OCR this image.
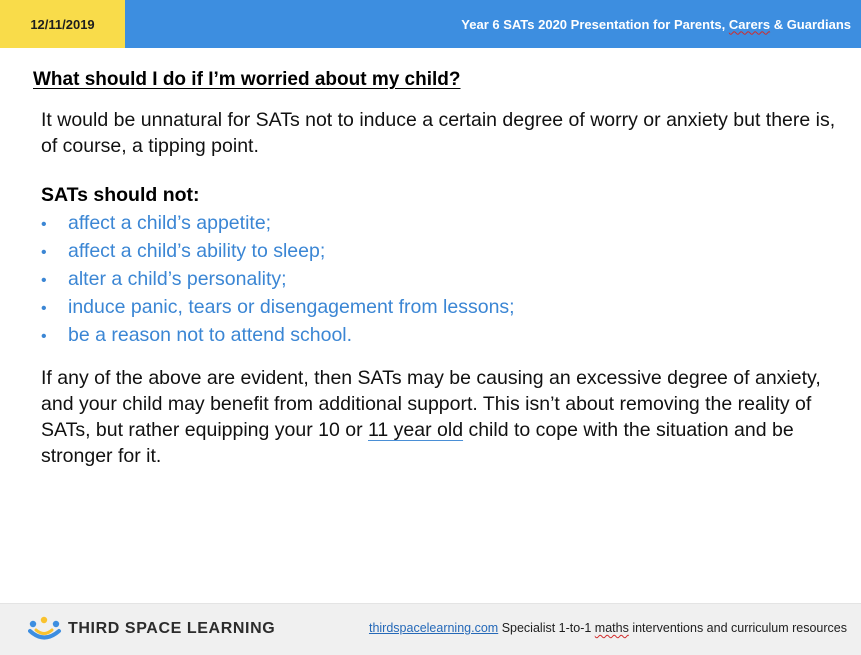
12/11/2019	Year 6 SATs 2020 Presentation for Parents, Carers & Guardians
What should I do if I’m worried about my child?
It would be unnatural for SATs not to induce a certain degree of worry or anxiety but there is, of course, a tipping point.
SATs should not:
•	affect a child’s appetite;
•	affect a child’s ability to sleep;
•	alter a child’s personality;
•	induce panic, tears or disengagement from lessons;
•	be a reason not to attend school.
If any of the above are evident, then SATs may be causing an excessive degree of anxiety, and your child may benefit from additional support. This isn’t about removing the reality of SATs, but rather equipping your 10 or 11 year old child to cope with the situation and be stronger for it.
THIRD SPACE LEARNING	thirdspacelearning.com Specialist 1-to-1 maths interventions and curriculum resources
